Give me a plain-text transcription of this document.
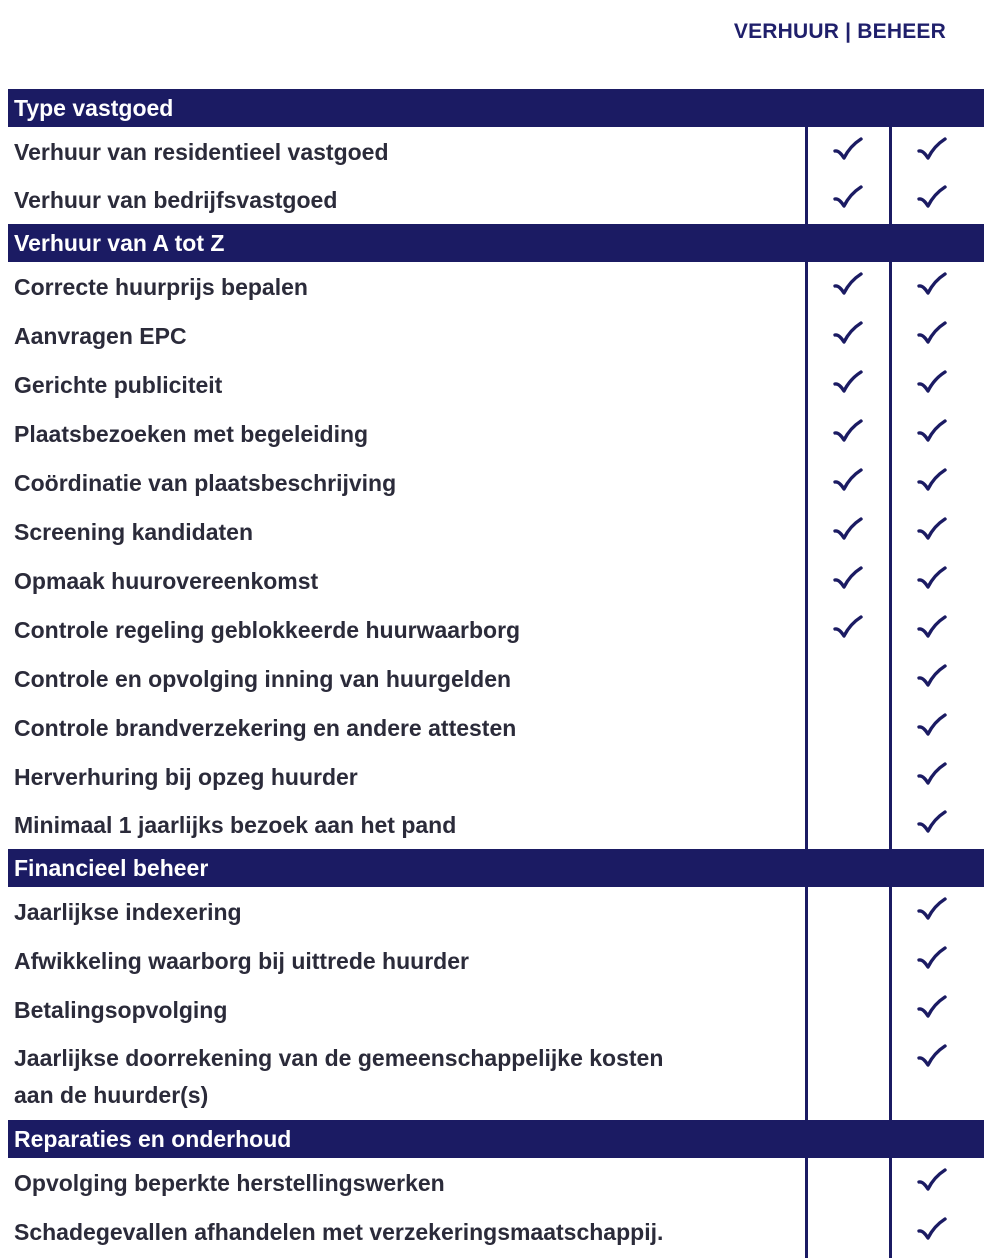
VERHUUR | BEHEER
Type vastgoed
Verhuur van residentieel vastgoed
Verhuur van bedrijfsvastgoed
Verhuur van A tot Z
Correcte huurprijs bepalen
Aanvragen EPC
Gerichte publiciteit
Plaatsbezoeken met begeleiding
Coördinatie van plaatsbeschrijving
Screening kandidaten
Opmaak huurovereenkomst
Controle regeling geblokkeerde huurwaarborg
Controle en opvolging inning van huurgelden
Controle brandverzekering en andere attesten
Herverhuring bij opzeg huurder
Minimaal 1 jaarlijks bezoek aan het pand
Financieel beheer
Jaarlijkse indexering
Afwikkeling waarborg bij uittrede huurder
Betalingsopvolging
Jaarlijkse doorrekening van de gemeenschappelijke kosten
aan de huurder(s)
Reparaties en onderhoud
Opvolging beperkte herstellingswerken
Schadegevallen afhandelen met verzekeringsmaatschappij.
